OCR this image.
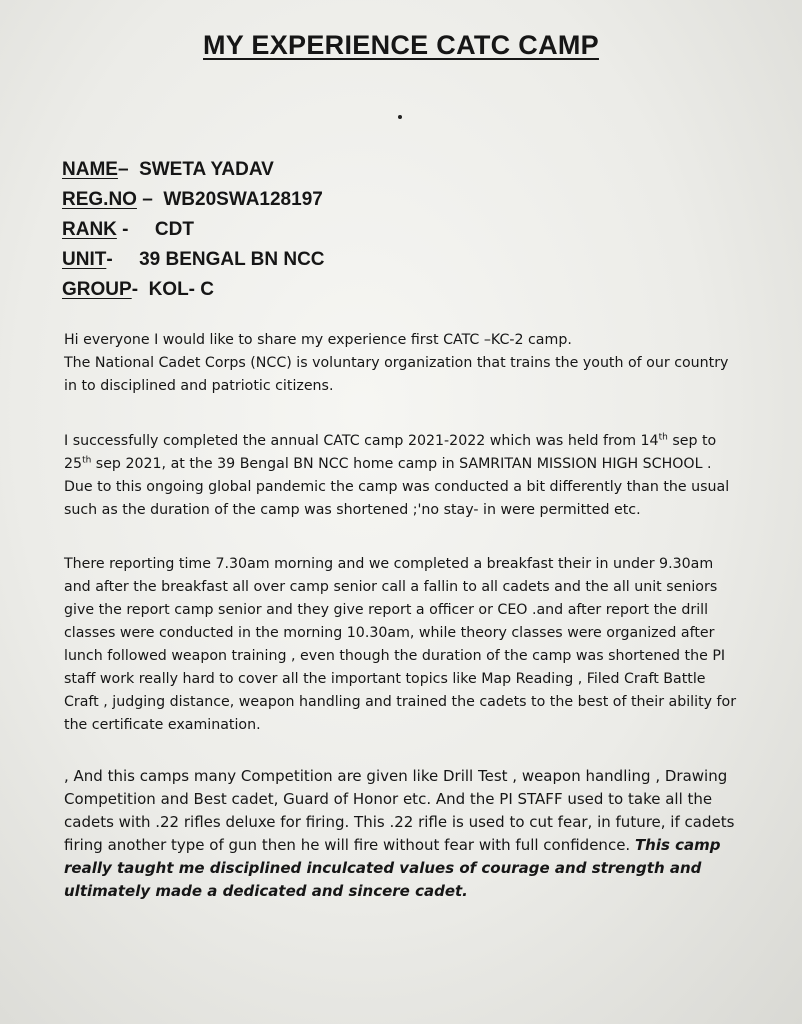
MY EXPERIENCE CATC CAMP
NAME–  SWETA YADAV
REG.NO –  WB20SWA128197
RANK -     CDT
UNIT-     39 BENGAL BN NCC
GROUP-  KOL- C
Hi everyone I would like to share my experience first CATC –KC-2 camp.
The National Cadet Corps (NCC) is voluntary organization that trains the youth of our country in to disciplined and patriotic citizens.

I successfully completed the annual CATC camp 2021-2022 which was held from 14th sep to 25th sep 2021, at the 39 Bengal BN NCC home camp in SAMRITAN MISSION HIGH SCHOOL . Due to this ongoing global pandemic the camp was conducted a bit differently than the usual such as the duration of the camp was shortened ;'no stay- in were permitted etc.

There reporting time 7.30am morning and we completed a breakfast their in under 9.30am and after the breakfast all over camp senior call a fallin to all cadets and the all unit seniors give the report camp senior and they give report a officer or CEO .and after report the drill classes were conducted in the morning 10.30am, while theory classes were organized after lunch followed weapon training , even though the duration of the camp was shortened the PI staff work really hard to cover all the important topics like Map Reading , Filed Craft Battle Craft , judging distance, weapon handling and trained the cadets to the best of their ability for the certificate examination.

, And this camps many Competition are given like Drill Test , weapon handling , Drawing Competition and Best cadet, Guard of Honor etc. And the PI STAFF used to take all the cadets with .22 rifles deluxe for firing. This .22 rifle is used to cut fear, in future, if cadets firing another type of gun then he will fire without fear with full confidence. This camp really taught me disciplined inculcated values of courage and strength and ultimately made a dedicated and sincere cadet.
